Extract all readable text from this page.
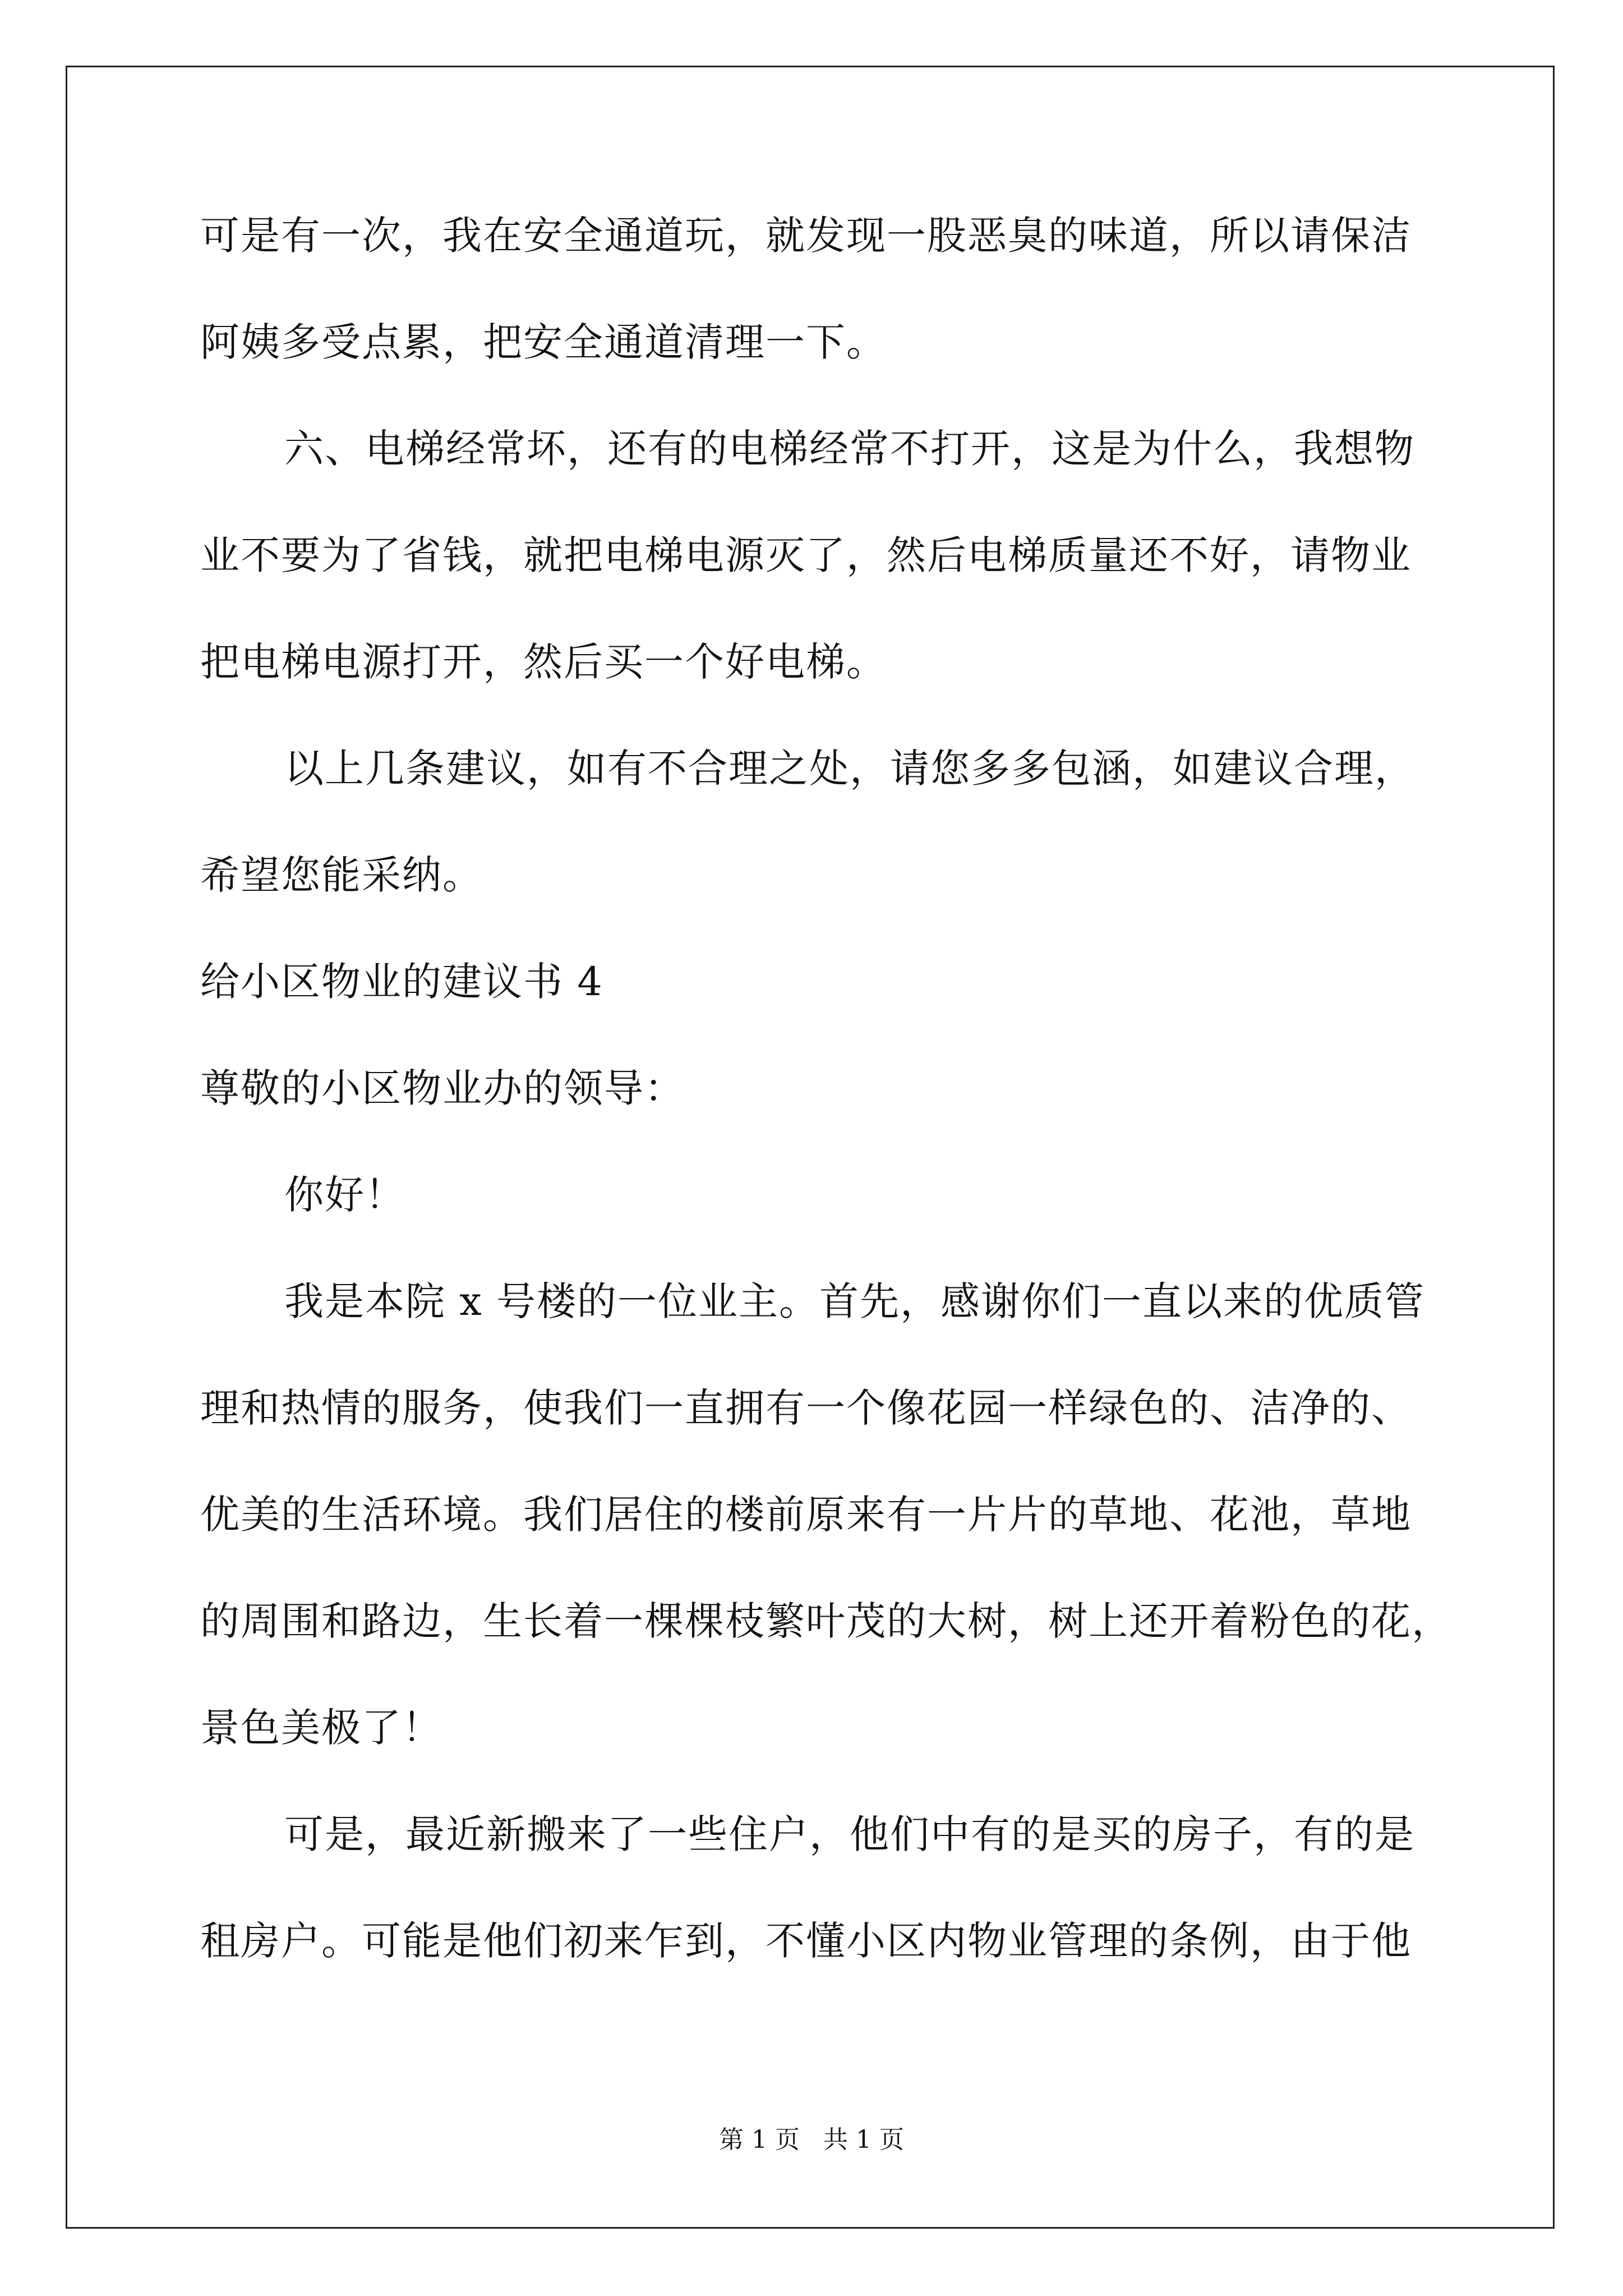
可是有一次，我在安全通道玩，就发现一股恶臭的味道，所以请保洁
阿姨多受点累，把安全通道清理一下。
六、电梯经常坏，还有的电梯经常不打开，这是为什么，我想物
业不要为了省钱，就把电梯电源灭了，然后电梯质量还不好，请物业
把电梯电源打开，然后买一个好电梯。
以上几条建议，如有不合理之处，请您多多包涵，如建议合理，
希望您能采纳。
给小区物业的建议书 4
尊敬的小区物业办的领导：
你好！
我是本院 x 号楼的一位业主。首先，感谢你们一直以来的优质管
理和热情的服务，使我们一直拥有一个像花园一样绿色的、洁净的、
优美的生活环境。我们居住的楼前原来有一片片的草地、花池，草地
的周围和路边，生长着一棵棵枝繁叶茂的大树，树上还开着粉色的花，
景色美极了！
可是，最近新搬来了一些住户，他们中有的是买的房子，有的是
租房户。可能是他们初来乍到，不懂小区内物业管理的条例，由于他
第 1 页   共 1 页
